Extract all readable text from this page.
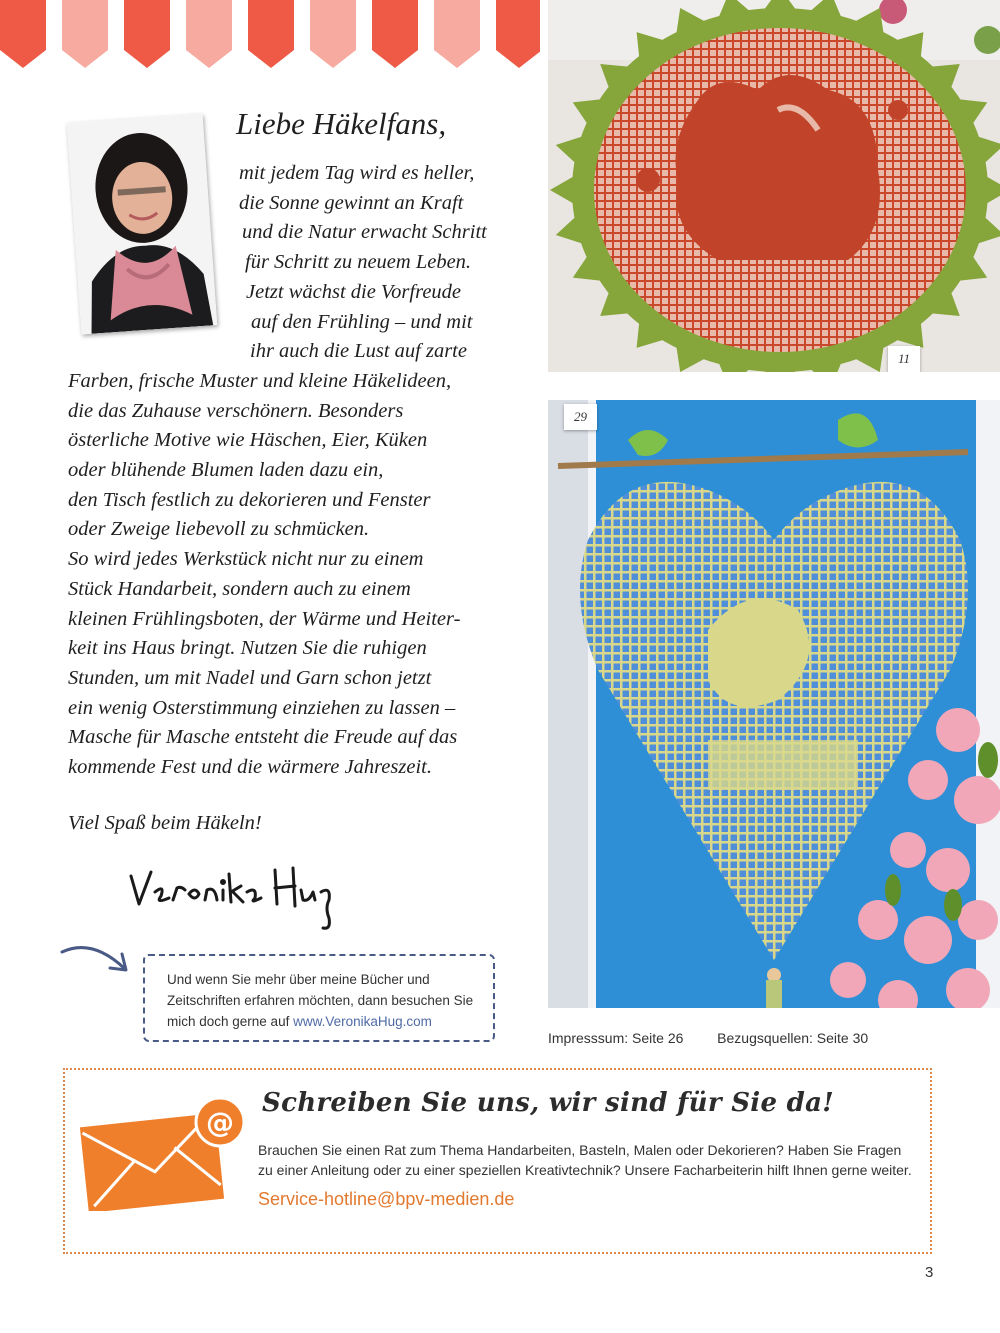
Liebe Häkelfans,
mit jedem Tag wird es heller,
die Sonne gewinnt an Kraft
und die Natur erwacht Schritt
für Schritt zu neuem Leben.
Jetzt wächst die Vorfreude
auf den Frühling – und mit
ihr auch die Lust auf zarte
Farben, frische Muster und kleine Häkelideen,
die das Zuhause verschönern. Besonders
österliche Motive wie Häschen, Eier, Küken
oder blühende Blumen laden dazu ein,
den Tisch festlich zu dekorieren und Fenster
oder Zweige liebevoll zu schmücken.
So wird jedes Werkstück nicht nur zu einem
Stück Handarbeit, sondern auch zu einem
kleinen Frühlingsboten, der Wärme und Heiter-
keit ins Haus bringt. Nutzen Sie die ruhigen
Stunden, um mit Nadel und Garn schon jetzt
ein wenig Osterstimmung einziehen zu lassen –
Masche für Masche entsteht die Freude auf das
kommende Fest und die wärmere Jahreszeit.
Viel Spaß beim Häkeln!
Und wenn Sie mehr über meine Bücher und
Zeitschriften erfahren möchten, dann besuchen Sie
mich doch gerne auf www.VeronikaHug.com
11
29
Impresssum: Seite 26 Bezugsquellen: Seite 30
@
Schreiben Sie uns, wir sind für Sie da!
Brauchen Sie einen Rat zum Thema Handarbeiten, Basteln, Malen oder Dekorieren? Haben Sie Fragen
zu einer Anleitung oder zu einer speziellen Kreativtechnik? Unsere Facharbeiterin hilft Ihnen gerne weiter.
Service-hotline@bpv-medien.de
3
